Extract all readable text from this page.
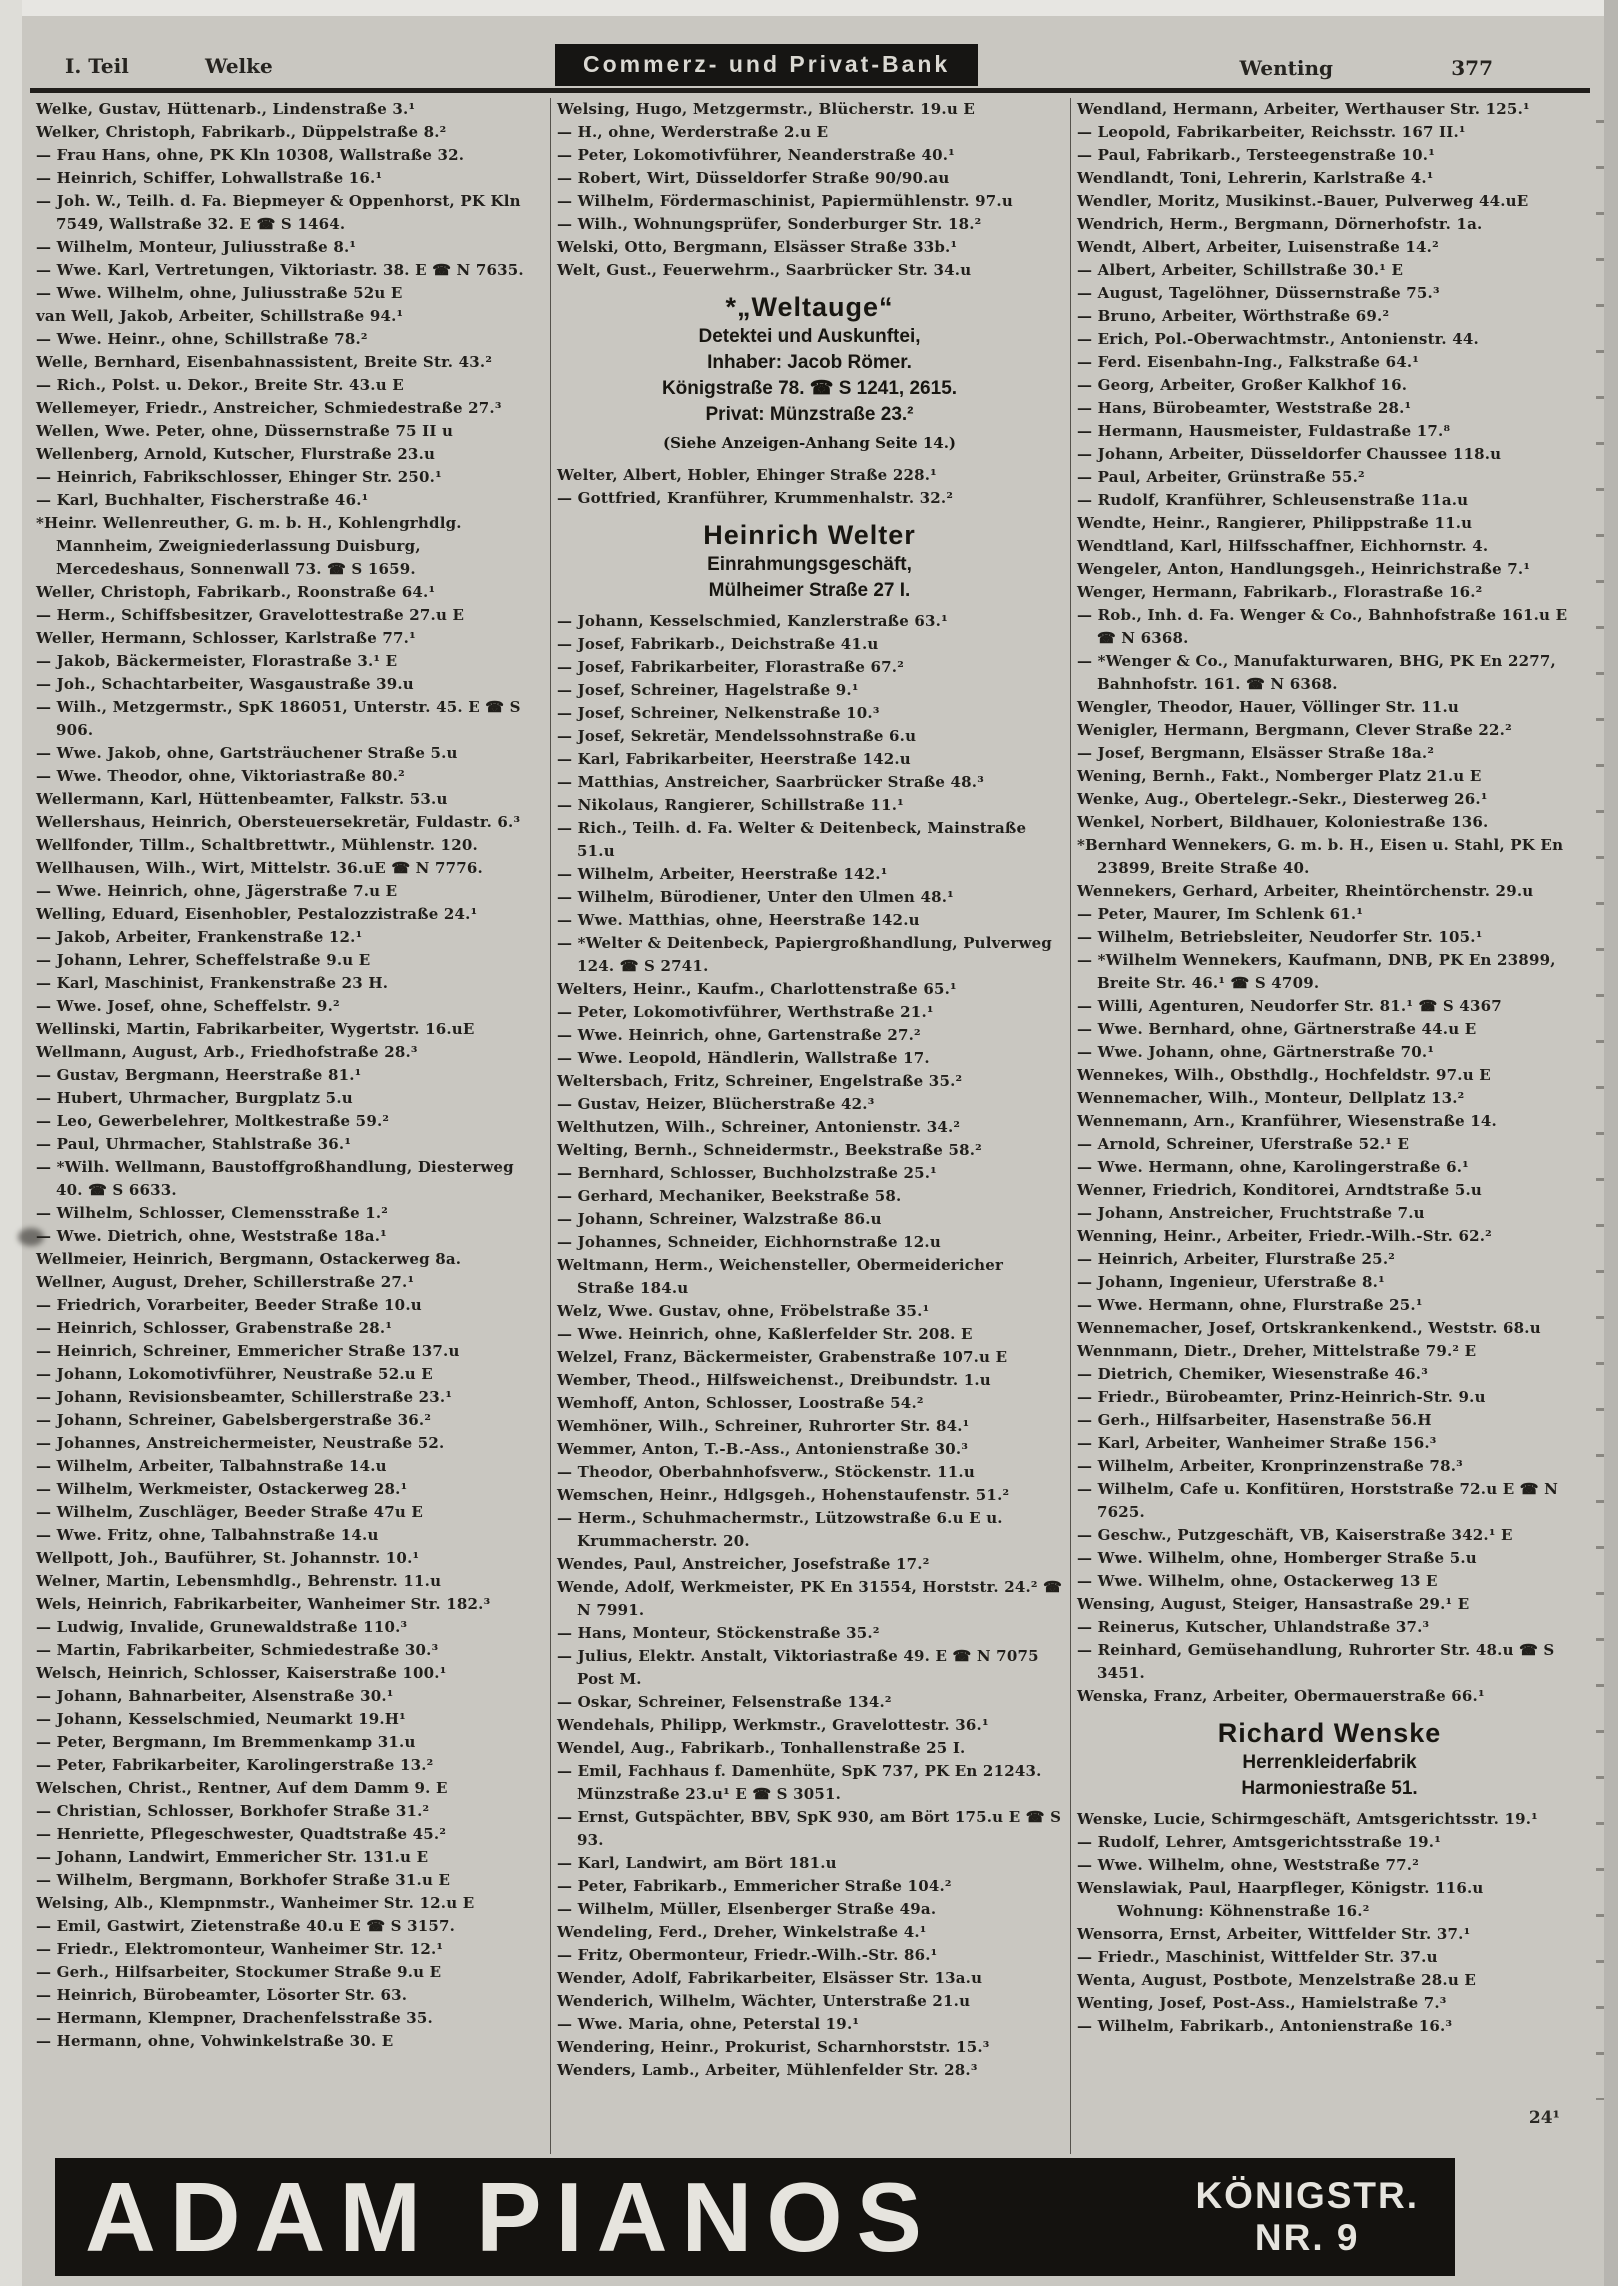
I. Teil	Welke	Commerz- und Privat-Bank	Wenting	377
Welke, Gustav, Hüttenarb., Lindenstraße 3.¹
Welker, Christoph, Fabrikarb., Düppelstraße 8.²
— Frau Hans, ohne, PK Kln 10308, Wallstraße 32.
— Heinrich, Schiffer, Lohwallstraße 16.¹
— Joh. W., Teilh. d. Fa. Biepmeyer & Oppenhorst, PK Kln 7549, Wallstraße 32. E ☎ S 1464.
— Wilhelm, Monteur, Juliusstraße 8.¹
— Wwe. Karl, Vertretungen, Viktoriastr. 38. E ☎ N 7635.
— Wwe. Wilhelm, ohne, Juliusstraße 52u E
van Well, Jakob, Arbeiter, Schillstraße 94.¹
— Wwe. Heinr., ohne, Schillstraße 78.²
Welle, Bernhard, Eisenbahnassistent, Breite Str. 43.²
— Rich., Polst. u. Dekor., Breite Str. 43.u E
Wellemeyer, Friedr., Anstreicher, Schmiedestraße 27.³
Wellen, Wwe. Peter, ohne, Düssernstraße 75 II u
Wellenberg, Arnold, Kutscher, Flurstraße 23.u
— Heinrich, Fabrikschlosser, Ehinger Str. 250.¹
— Karl, Buchhalter, Fischerstraße 46.¹
*Heinr. Wellenreuther, G. m. b. H., Kohlengrhdlg. Mannheim, Zweigniederlassung Duisburg, Mercedeshaus, Sonnenwall 73. ☎ S 1659.
Weller, Christoph, Fabrikarb., Roonstraße 64.¹
— Herm., Schiffsbesitzer, Gravelottestraße 27.u E
Weller, Hermann, Schlosser, Karlstraße 77.¹
— Jakob, Bäckermeister, Florastraße 3.¹ E
— Joh., Schachtarbeiter, Wasgaustraße 39.u
— Wilh., Metzgermstr., SpK 186051, Unterstr. 45. E ☎ S 906.
— Wwe. Jakob, ohne, Gartsträuchener Straße 5.u
— Wwe. Theodor, ohne, Viktoriastraße 80.²
Wellermann, Karl, Hüttenbeamter, Falkstr. 53.u
Wellershaus, Heinrich, Obersteuersekretär, Fuldastr. 6.³
Wellfonder, Tillm., Schaltbrettwtr., Mühlenstr. 120.
Wellhausen, Wilh., Wirt, Mittelstr. 36.uE ☎ N 7776.
— Wwe. Heinrich, ohne, Jägerstraße 7.u E
Welling, Eduard, Eisenhobler, Pestalozzistraße 24.¹
— Jakob, Arbeiter, Frankenstraße 12.¹
— Johann, Lehrer, Scheffelstraße 9.u E
— Karl, Maschinist, Frankenstraße 23 H.
— Wwe. Josef, ohne, Scheffelstr. 9.²
Wellinski, Martin, Fabrikarbeiter, Wygertstr. 16.uE
Wellmann, August, Arb., Friedhofstraße 28.³
— Gustav, Bergmann, Heerstraße 81.¹
— Hubert, Uhrmacher, Burgplatz 5.u
— Leo, Gewerbelehrer, Moltkestraße 59.²
— Paul, Uhrmacher, Stahlstraße 36.¹
— *Wilh. Wellmann, Baustoffgroßhandlung, Diesterweg 40. ☎ S 6633.
— Wilhelm, Schlosser, Clemensstraße 1.²
— Wwe. Dietrich, ohne, Weststraße 18a.¹
Wellmeier, Heinrich, Bergmann, Ostackerweg 8a.
Wellner, August, Dreher, Schillerstraße 27.¹
— Friedrich, Vorarbeiter, Beeder Straße 10.u
— Heinrich, Schlosser, Grabenstraße 28.¹
— Heinrich, Schreiner, Emmericher Straße 137.u
— Johann, Lokomotivführer, Neustraße 52.u E
— Johann, Revisionsbeamter, Schillerstraße 23.¹
— Johann, Schreiner, Gabelsbergerstraße 36.²
— Johannes, Anstreichermeister, Neustraße 52.
— Wilhelm, Arbeiter, Talbahnstraße 14.u
— Wilhelm, Werkmeister, Ostackerweg 28.¹
— Wilhelm, Zuschläger, Beeder Straße 47u E
— Wwe. Fritz, ohne, Talbahnstraße 14.u
Wellpott, Joh., Bauführer, St. Johannstr. 10.¹
Welner, Martin, Lebensmhdlg., Behrenstr. 11.u
Wels, Heinrich, Fabrikarbeiter, Wanheimer Str. 182.³
— Ludwig, Invalide, Grunewaldstraße 110.³
— Martin, Fabrikarbeiter, Schmiedestraße 30.³
Welsch, Heinrich, Schlosser, Kaiserstraße 100.¹
— Johann, Bahnarbeiter, Alsenstraße 30.¹
— Johann, Kesselschmied, Neumarkt 19.H¹
— Peter, Bergmann, Im Bremmenkamp 31.u
— Peter, Fabrikarbeiter, Karolingerstraße 13.²
Welschen, Christ., Rentner, Auf dem Damm 9. E
— Christian, Schlosser, Borkhofer Straße 31.²
— Henriette, Pflegeschwester, Quadtstraße 45.²
— Johann, Landwirt, Emmericher Str. 131.u E
— Wilhelm, Bergmann, Borkhofer Straße 31.u E
Welsing, Alb., Klempnmstr., Wanheimer Str. 12.u E
— Emil, Gastwirt, Zietenstraße 40.u E ☎ S 3157.
— Friedr., Elektromonteur, Wanheimer Str. 12.¹
— Gerh., Hilfsarbeiter, Stockumer Straße 9.u E
— Heinrich, Bürobeamter, Lösorter Str. 63.
— Hermann, Klempner, Drachenfelsstraße 35.
— Hermann, ohne, Vohwinkelstraße 30. E
Welsing, Hugo, Metzgermstr., Blücherstr. 19.u E
— H., ohne, Werderstraße 2.u E
— Peter, Lokomotivführer, Neanderstraße 40.¹
— Robert, Wirt, Düsseldorfer Straße 90/90.au
— Wilhelm, Fördermaschinist, Papiermühlenstr. 97.u
— Wilh., Wohnungsprüfer, Sonderburger Str. 18.²
Welski, Otto, Bergmann, Elsässer Straße 33b.¹
Welt, Gust., Feuerwehrm., Saarbrücker Str. 34.u
*„Weltauge“
Detektei und Auskunftei,
Inhaber: Jacob Römer.
Königstraße 78. ☎ S 1241, 2615.
Privat: Münzstraße 23.²
(Siehe Anzeigen-Anhang Seite 14.)
Welter, Albert, Hobler, Ehinger Straße 228.¹
— Gottfried, Kranführer, Krummenhalstr. 32.²
Heinrich Welter
Einrahmungsgeschäft,
Mülheimer Straße 27 I.
— Johann, Kesselschmied, Kanzlerstraße 63.¹
— Josef, Fabrikarb., Deichstraße 41.u
— Josef, Fabrikarbeiter, Florastraße 67.²
— Josef, Schreiner, Hagelstraße 9.¹
— Josef, Schreiner, Nelkenstraße 10.³
— Josef, Sekretär, Mendelssohnstraße 6.u
— Karl, Fabrikarbeiter, Heerstraße 142.u
— Matthias, Anstreicher, Saarbrücker Straße 48.³
— Nikolaus, Rangierer, Schillstraße 11.¹
— Rich., Teilh. d. Fa. Welter & Deitenbeck, Mainstraße 51.u
— Wilhelm, Arbeiter, Heerstraße 142.¹
— Wilhelm, Bürodiener, Unter den Ulmen 48.¹
— Wwe. Matthias, ohne, Heerstraße 142.u
— *Welter & Deitenbeck, Papiergroßhandlung, Pulverweg 124. ☎ S 2741.
Welters, Heinr., Kaufm., Charlottenstraße 65.¹
— Peter, Lokomotivführer, Werthstraße 21.¹
— Wwe. Heinrich, ohne, Gartenstraße 27.²
— Wwe. Leopold, Händlerin, Wallstraße 17.
Weltersbach, Fritz, Schreiner, Engelstraße 35.²
— Gustav, Heizer, Blücherstraße 42.³
Welthutzen, Wilh., Schreiner, Antonienstr. 34.²
Welting, Bernh., Schneidermstr., Beekstraße 58.²
— Bernhard, Schlosser, Buchholzstraße 25.¹
— Gerhard, Mechaniker, Beekstraße 58.
— Johann, Schreiner, Walzstraße 86.u
— Johannes, Schneider, Eichhornstraße 12.u
Weltmann, Herm., Weichensteller, Obermeidericher Straße 184.u
Welz, Wwe. Gustav, ohne, Fröbelstraße 35.¹
— Wwe. Heinrich, ohne, Kaßlerfelder Str. 208. E
Welzel, Franz, Bäckermeister, Grabenstraße 107.u E
Wember, Theod., Hilfsweichenst., Dreibundstr. 1.u
Wemhoff, Anton, Schlosser, Loostraße 54.²
Wemhöner, Wilh., Schreiner, Ruhrorter Str. 84.¹
Wemmer, Anton, T.-B.-Ass., Antonienstraße 30.³
— Theodor, Oberbahnhofsverw., Stöckenstr. 11.u
Wemschen, Heinr., Hdlgsgeh., Hohenstaufenstr. 51.²
— Herm., Schuhmachermstr., Lützowstraße 6.u E u. Krummacherstr. 20.
Wendes, Paul, Anstreicher, Josefstraße 17.²
Wende, Adolf, Werkmeister, PK En 31554, Horststr. 24.² ☎ N 7991.
— Hans, Monteur, Stöckenstraße 35.²
— Julius, Elektr. Anstalt, Viktoriastraße 49. E ☎ N 7075 Post M.
— Oskar, Schreiner, Felsenstraße 134.²
Wendehals, Philipp, Werkmstr., Gravelottestr. 36.¹
Wendel, Aug., Fabrikarb., Tonhallenstraße 25 I.
— Emil, Fachhaus f. Damenhüte, SpK 737, PK En 21243. Münzstraße 23.u¹ E ☎ S 3051.
— Ernst, Gutspächter, BBV, SpK 930, am Bört 175.u E ☎ S 93.
— Karl, Landwirt, am Bört 181.u
— Peter, Fabrikarb., Emmericher Straße 104.²
— Wilhelm, Müller, Elsenberger Straße 49a.
Wendeling, Ferd., Dreher, Winkelstraße 4.¹
— Fritz, Obermonteur, Friedr.-Wilh.-Str. 86.¹
Wender, Adolf, Fabrikarbeiter, Elsässer Str. 13a.u
Wenderich, Wilhelm, Wächter, Unterstraße 21.u
— Wwe. Maria, ohne, Peterstal 19.¹
Wendering, Heinr., Prokurist, Scharnhorststr. 15.³
Wenders, Lamb., Arbeiter, Mühlenfelder Str. 28.³
Wendland, Hermann, Arbeiter, Werthauser Str. 125.¹
— Leopold, Fabrikarbeiter, Reichsstr. 167 II.¹
— Paul, Fabrikarb., Tersteegenstraße 10.¹
Wendlandt, Toni, Lehrerin, Karlstraße 4.¹
Wendler, Moritz, Musikinst.-Bauer, Pulverweg 44.uE
Wendrich, Herm., Bergmann, Dörnerhofstr. 1a.
Wendt, Albert, Arbeiter, Luisenstraße 14.²
— Albert, Arbeiter, Schillstraße 30.¹ E
— August, Tagelöhner, Düssernstraße 75.³
— Bruno, Arbeiter, Wörthstraße 69.²
— Erich, Pol.-Oberwachtmstr., Antonienstr. 44.
— Ferd. Eisenbahn-Ing., Falkstraße 64.¹
— Georg, Arbeiter, Großer Kalkhof 16.
— Hans, Bürobeamter, Weststraße 28.¹
— Hermann, Hausmeister, Fuldastraße 17.⁸
— Johann, Arbeiter, Düsseldorfer Chaussee 118.u
— Paul, Arbeiter, Grünstraße 55.²
— Rudolf, Kranführer, Schleusenstraße 11a.u
Wendte, Heinr., Rangierer, Philippstraße 11.u
Wendtland, Karl, Hilfsschaffner, Eichhornstr. 4.
Wengeler, Anton, Handlungsgeh., Heinrichstraße 7.¹
Wenger, Hermann, Fabrikarb., Florastraße 16.²
— Rob., Inh. d. Fa. Wenger & Co., Bahnhofstraße 161.u E ☎ N 6368.
— *Wenger & Co., Manufakturwaren, BHG, PK En 2277, Bahnhofstr. 161. ☎ N 6368.
Wengler, Theodor, Hauer, Völlinger Str. 11.u
Wenigler, Hermann, Bergmann, Clever Straße 22.²
— Josef, Bergmann, Elsässer Straße 18a.²
Wening, Bernh., Fakt., Nomberger Platz 21.u E
Wenke, Aug., Obertelegr.-Sekr., Diesterweg 26.¹
Wenkel, Norbert, Bildhauer, Koloniestraße 136.
*Bernhard Wennekers, G. m. b. H., Eisen u. Stahl, PK En 23899, Breite Straße 40.
Wennekers, Gerhard, Arbeiter, Rheintörchenstr. 29.u
— Peter, Maurer, Im Schlenk 61.¹
— Wilhelm, Betriebsleiter, Neudorfer Str. 105.¹
— *Wilhelm Wennekers, Kaufmann, DNB, PK En 23899, Breite Str. 46.¹ ☎ S 4709.
— Willi, Agenturen, Neudorfer Str. 81.¹ ☎ S 4367
— Wwe. Bernhard, ohne, Gärtnerstraße 44.u E
— Wwe. Johann, ohne, Gärtnerstraße 70.¹
Wennekes, Wilh., Obsthdlg., Hochfeldstr. 97.u E
Wennemacher, Wilh., Monteur, Dellplatz 13.²
Wennemann, Arn., Kranführer, Wiesenstraße 14.
— Arnold, Schreiner, Uferstraße 52.¹ E
— Wwe. Hermann, ohne, Karolingerstraße 6.¹
Wenner, Friedrich, Konditorei, Arndtstraße 5.u
— Johann, Anstreicher, Fruchtstraße 7.u
Wenning, Heinr., Arbeiter, Friedr.-Wilh.-Str. 62.²
— Heinrich, Arbeiter, Flurstraße 25.²
— Johann, Ingenieur, Uferstraße 8.¹
— Wwe. Hermann, ohne, Flurstraße 25.¹
Wennemacher, Josef, Ortskrankenkend., Weststr. 68.u
Wennmann, Dietr., Dreher, Mittelstraße 79.² E
— Dietrich, Chemiker, Wiesenstraße 46.³
— Friedr., Bürobeamter, Prinz-Heinrich-Str. 9.u
— Gerh., Hilfsarbeiter, Hasenstraße 56.H
— Karl, Arbeiter, Wanheimer Straße 156.³
— Wilhelm, Arbeiter, Kronprinzenstraße 78.³
— Wilhelm, Cafe u. Konfitüren, Horststraße 72.u E ☎ N 7625.
— Geschw., Putzgeschäft, VB, Kaiserstraße 342.¹ E
— Wwe. Wilhelm, ohne, Homberger Straße 5.u
— Wwe. Wilhelm, ohne, Ostackerweg 13 E
Wensing, August, Steiger, Hansastraße 29.¹ E
— Reinerus, Kutscher, Uhlandstraße 37.³
— Reinhard, Gemüsehandlung, Ruhrorter Str. 48.u ☎ S 3451.
Wenska, Franz, Arbeiter, Obermauerstraße 66.¹
Richard Wenske
Herrenkleiderfabrik
Harmoniestraße 51.
Wenske, Lucie, Schirmgeschäft, Amtsgerichtsstr. 19.¹
— Rudolf, Lehrer, Amtsgerichtsstraße 19.¹
— Wwe. Wilhelm, ohne, Weststraße 77.²
Wenslawiak, Paul, Haarpfleger, Königstr. 116.u
Wohnung: Köhnenstraße 16.²
Wensorra, Ernst, Arbeiter, Wittfelder Str. 37.¹
— Friedr., Maschinist, Wittfelder Str. 37.u
Wenta, August, Postbote, Menzelstraße 28.u E
Wenting, Josef, Post-Ass., Hamielstraße 7.³
— Wilhelm, Fabrikarb., Antonienstraße 16.³
24¹
ADAM PIANOS	KÖNIGSTR.
NR. 9
